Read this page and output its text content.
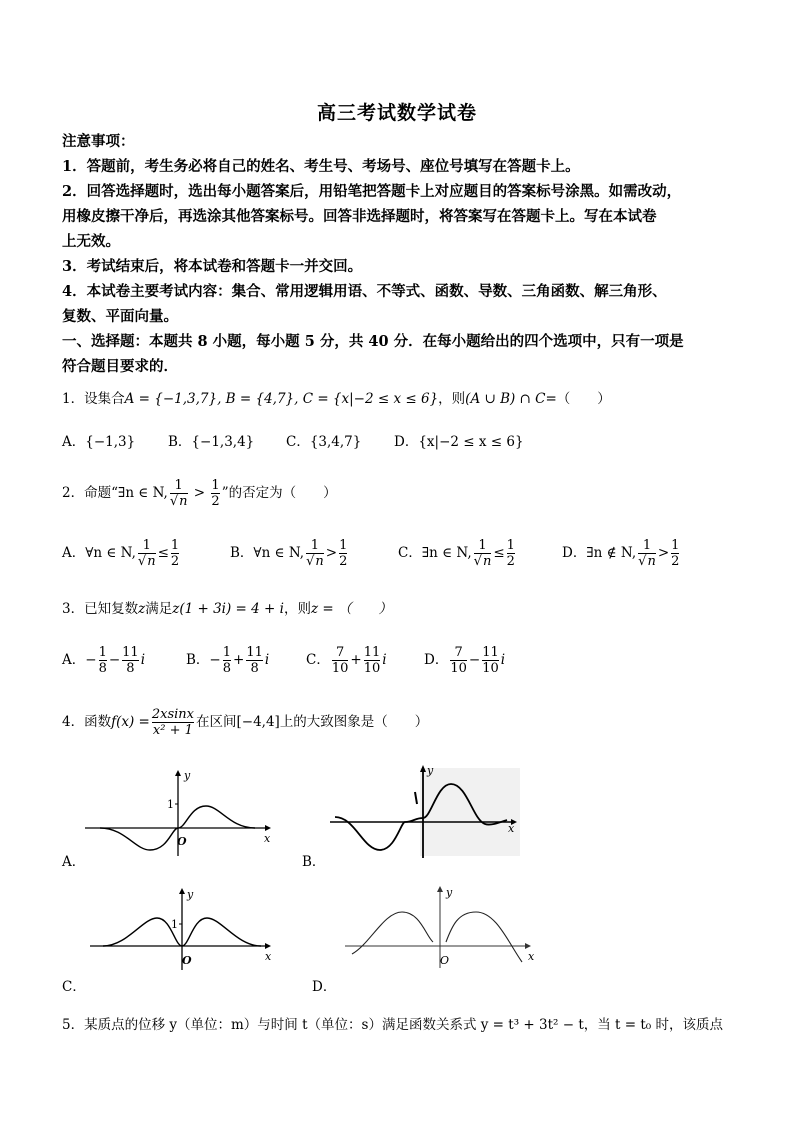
高三考试数学试卷
注意事项：
1．答题前，考生务必将自己的姓名、考生号、考场号、座位号填写在答题卡上。
2．回答选择题时，选出每小题答案后，用铅笔把答题卡上对应题目的答案标号涂黑。如需改动，
用橡皮擦干净后，再选涂其他答案标号。回答非选择题时，将答案写在答题卡上。写在本试卷
上无效。
3．考试结束后，将本试卷和答题卡一并交回。
4．本试卷主要考试内容：集合、常用逻辑用语、不等式、函数、导数、三角函数、解三角形、
复数、平面向量。
一、选择题：本题共 8 小题，每小题 5 分，共 40 分．在每小题给出的四个选项中，只有一项是
符合题目要求的．
1．设集合A = {−1,3,7}, B = {4,7}, C = {x|−2 ≤ x ≤ 6}，则(A ∪ B) ∩ C=（　　）
A．{−1,3} B．{−1,3,4} C．{3,4,7} D．{x|−2 ≤ x ≤ 6}
2．命题“∃n ∈ N, $\frac{1}{√n} > \frac{1}{2}$ ”的否定为（　　）
A．∀n ∈ N, $\frac{1}{√n} \le \frac{1}{2}$	B．∀n ∈ N, $\frac{1}{√n} > \frac{1}{2}$	C．∃n ∈ N, $\frac{1}{√n} \le \frac{1}{2}$	D．∃n ∉ N, $\frac{1}{√n} > \frac{1}{2}$
3．已知复数z满足z(1 + 3i) = 4 + i，则z = （　　）
A．− $\frac{1}{8} - \frac{11}{8}$ i	B．− $\frac{1}{8} + \frac{11}{8}$ i	C． $\frac{7}{10} + \frac{11}{10}$ i	D． $\frac{7}{10} - \frac{11}{10}$ i
4．函数$f(x) = \frac{2xsinx}{\text{x² + 1}}$ 在区间[−4,4]上的大致图象是（　　）
x
y
O
1
A．
x
y
B．
x
y
O
1
C．
x
y
O
D．
5．某质点的位移 y（单位：m）与时间 t（单位：s）满足函数关系式 y = t³ + 3t² − t，当 t = t₀ 时，该质点
